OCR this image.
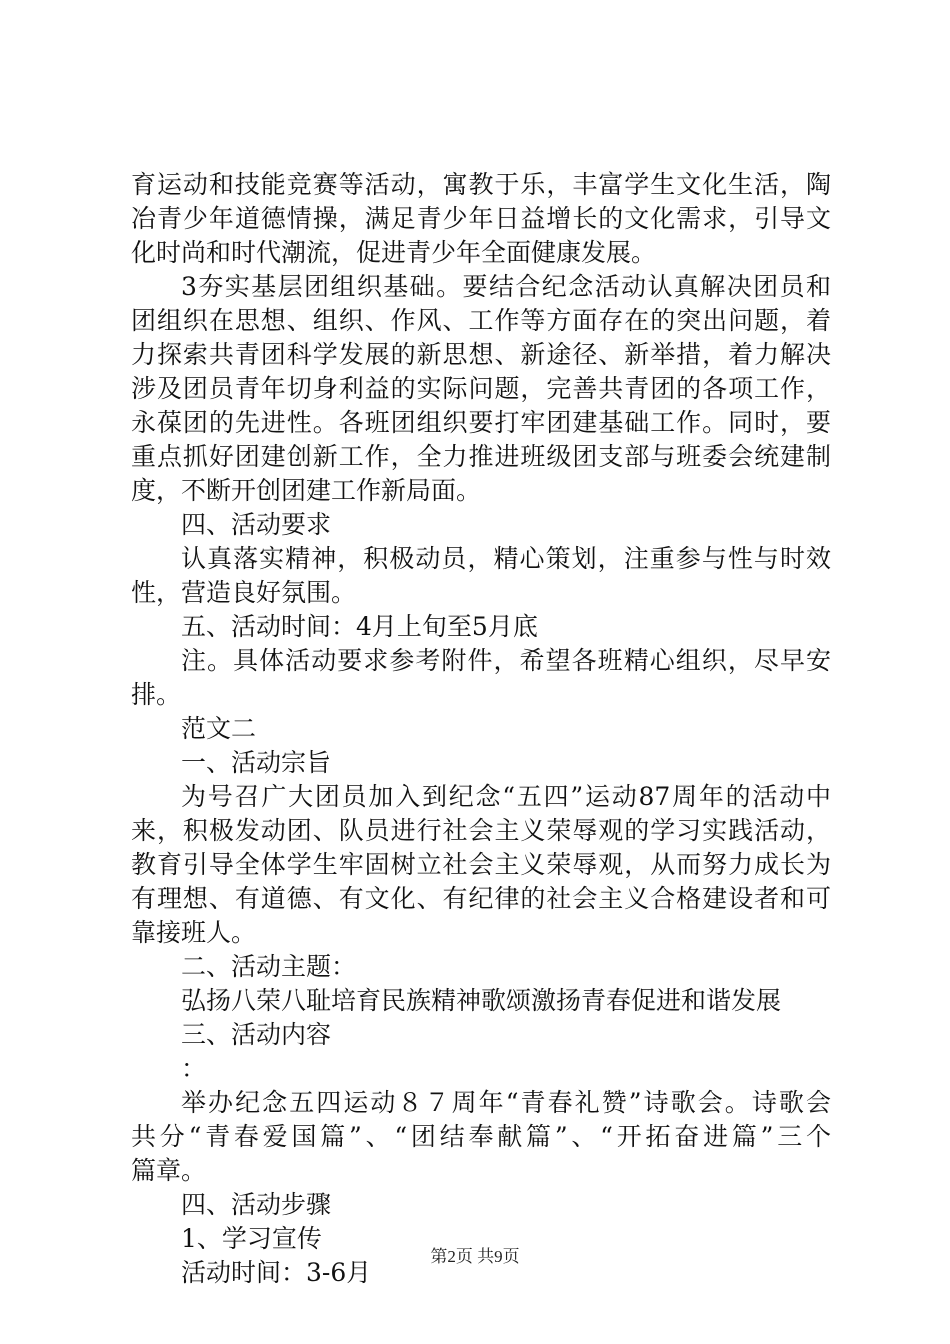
育运动和技能竞赛等活动，寓教于乐，丰富学生文化生活，陶
冶青少年道德情操，满足青少年日益增长的文化需求，引导文
化时尚和时代潮流，促进青少年全面健康发展。
3夯实基层团组织基础。要结合纪念活动认真解决团员和
团组织在思想、组织、作风、工作等方面存在的突出问题，着
力探索共青团科学发展的新思想、新途径、新举措，着力解决
涉及团员青年切身利益的实际问题，完善共青团的各项工作，
永葆团的先进性。各班团组织要打牢团建基础工作。同时，要
重点抓好团建创新工作，全力推进班级团支部与班委会统建制
度，不断开创团建工作新局面。
四、活动要求
认真落实精神，积极动员，精心策划，注重参与性与时效
性，营造良好氛围。
五、活动时间：4月上旬至5月底
注。具体活动要求参考附件，希望各班精心组织，尽早安
排。
范文二
一、活动宗旨
为号召广大团员加入到纪念“五四”运动87周年的活动中
来，积极发动团、队员进行社会主义荣辱观的学习实践活动，
教育引导全体学生牢固树立社会主义荣辱观，从而努力成长为
有理想、有道德、有文化、有纪律的社会主义合格建设者和可
靠接班人。
二、活动主题：
弘扬八荣八耻培育民族精神歌颂激扬青春促进和谐发展
三、活动内容
：
举办纪念五四运动８７周年“青春礼赞”诗歌会。诗歌会
共分“青春爱国篇”、“团结奉献篇”、“开拓奋进篇”三个
篇章。
四、活动步骤
1、学习宣传
活动时间：3-6月
第2页 共9页
